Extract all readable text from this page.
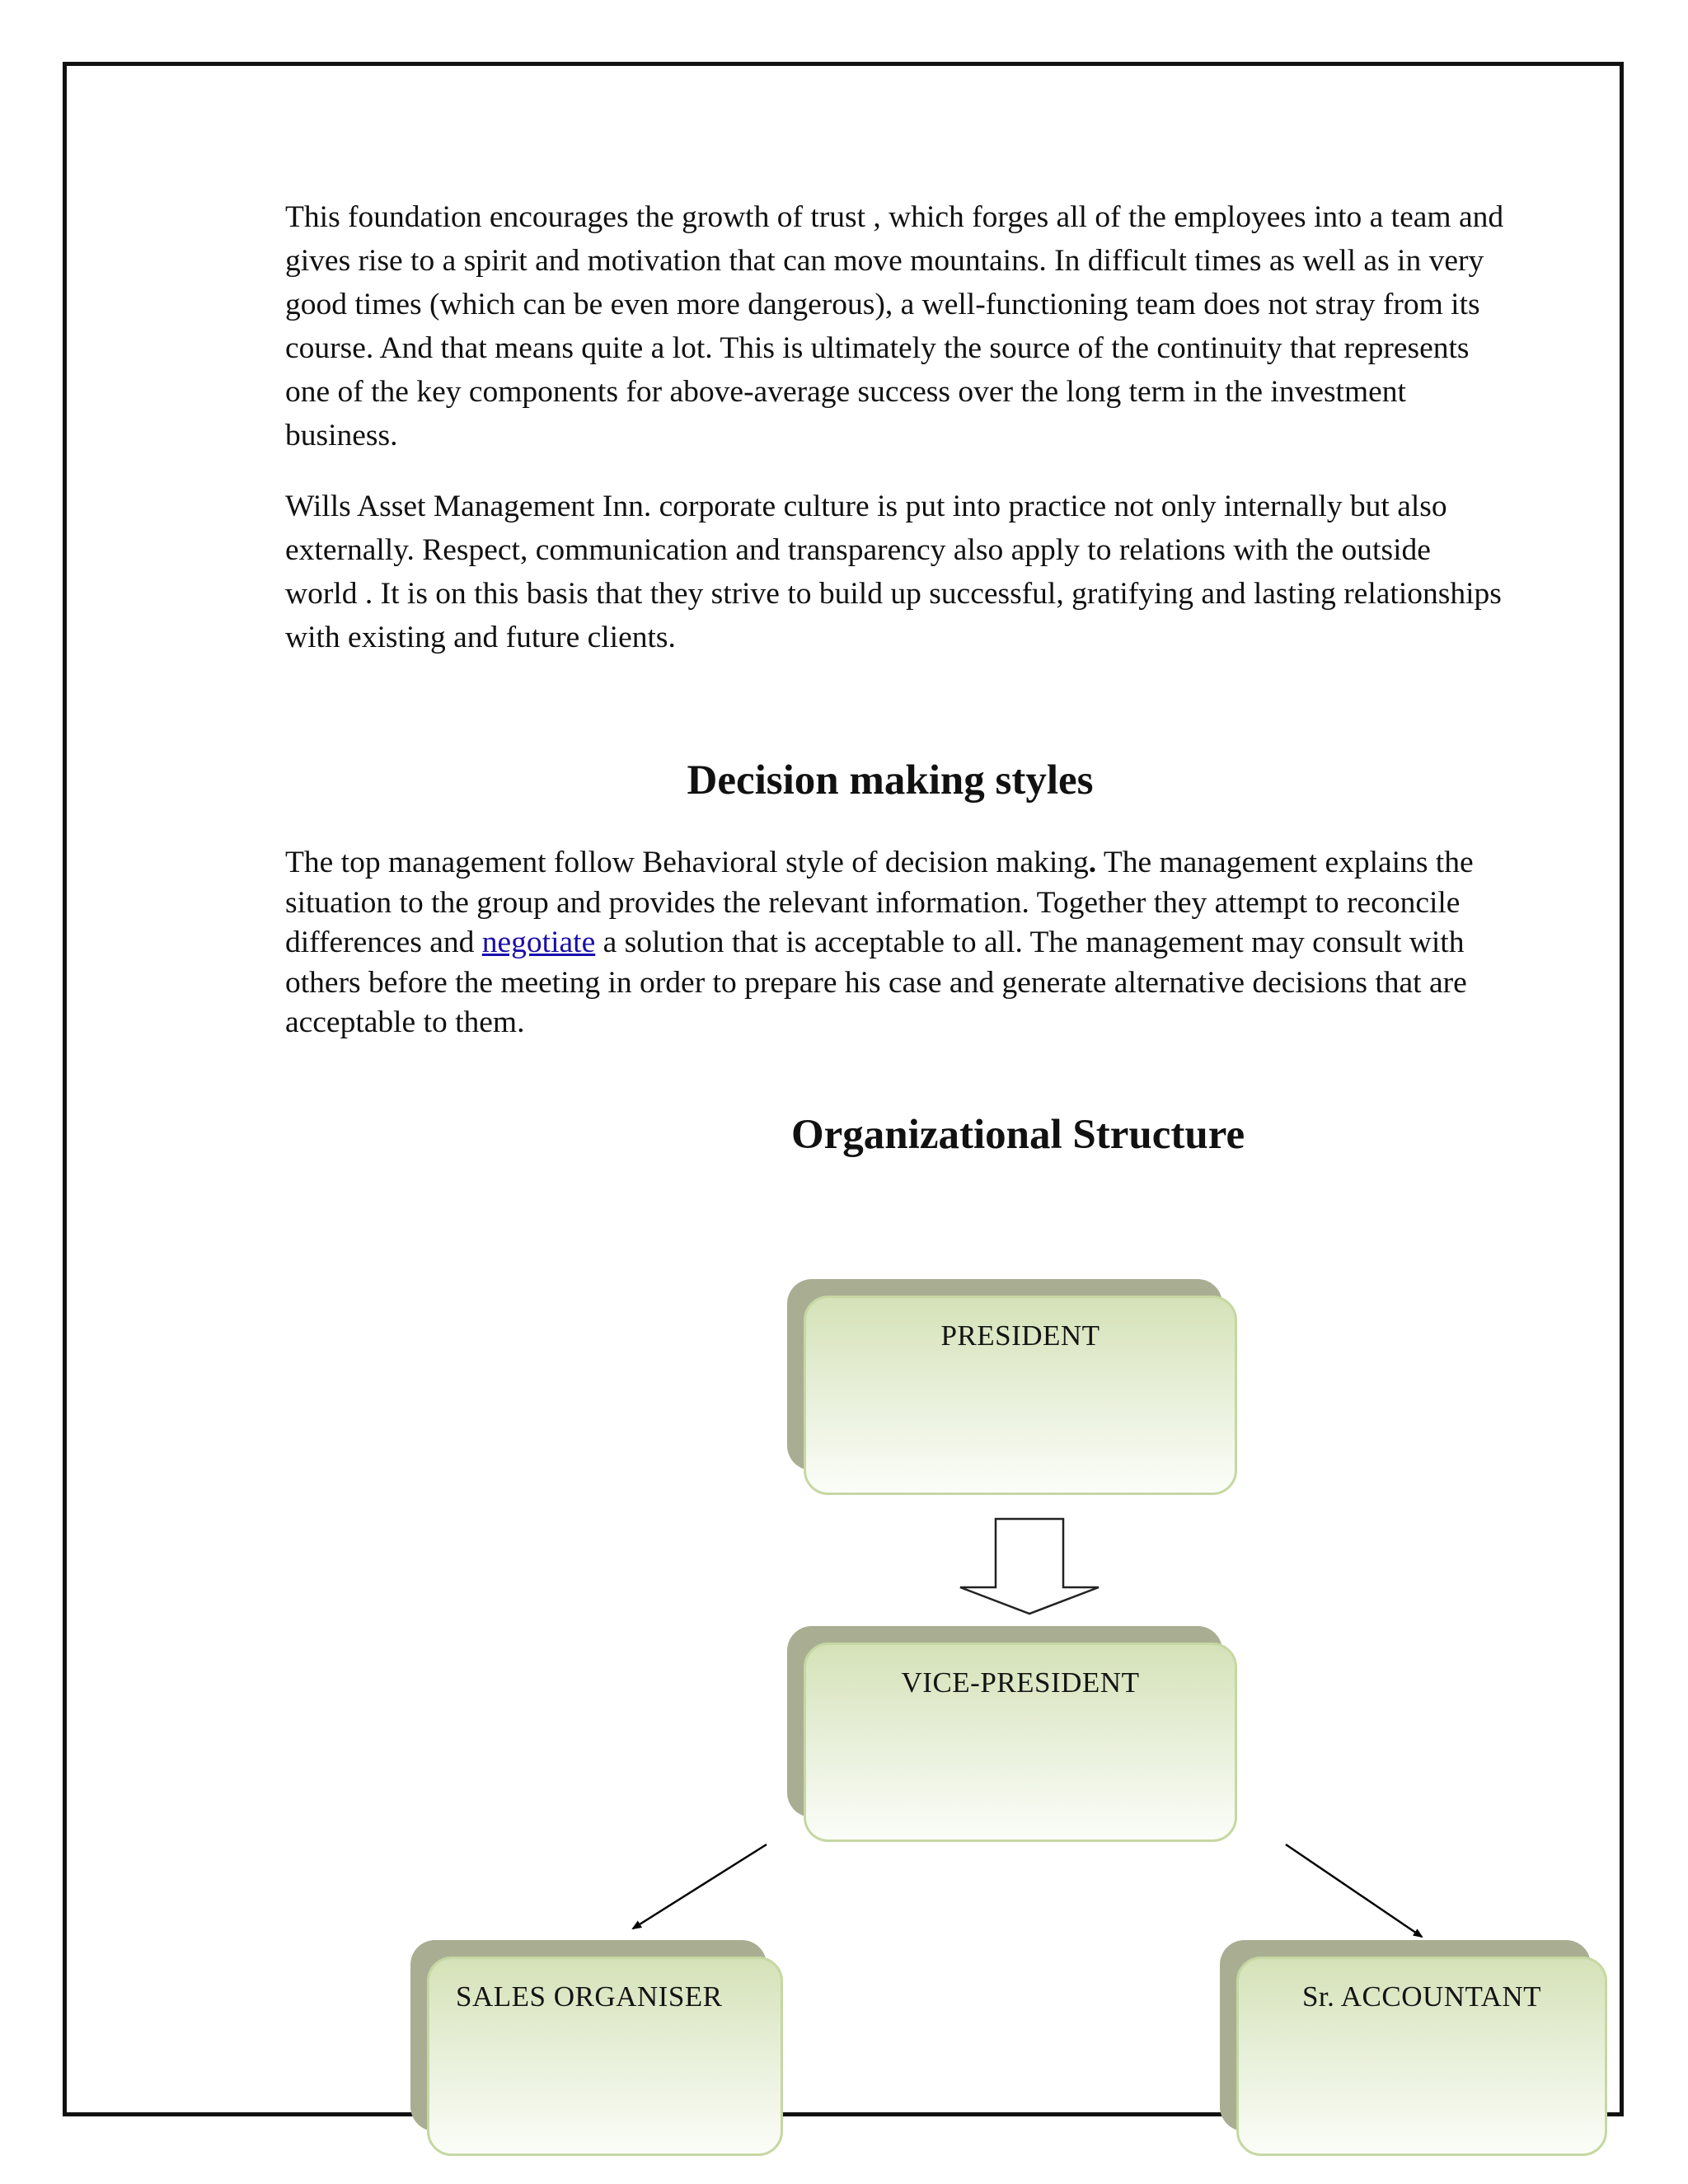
This foundation encourages the growth of trust , which forges all of the employees into a team and gives rise to a spirit and motivation that can move mountains. In difficult times as well as in very good times (which can be even more dangerous), a well-functioning team does not stray from its course. And that means quite a lot. This is ultimately the source of the continuity that represents one of the key components for above-average success over the long term in the investment business.

Wills Asset Management Inn. corporate culture is put into practice not only internally but also externally. Respect, communication and transparency also apply to relations with the outside world . It is on this basis that they strive to build up successful, gratifying and lasting relationships with existing and future clients.

Decision making styles

The top management follow Behavioral style of decision making. The management explains the situation to the group and provides the relevant information. Together they attempt to reconcile differences and negotiate a solution that is acceptable to all. The management may consult with others before the meeting in order to prepare his case and generate alternative decisions that are acceptable to them.

Organizational Structure
PRESIDENT
VICE-PRESIDENT
SALES ORGANISER	Sr. ACCOUNTANT
